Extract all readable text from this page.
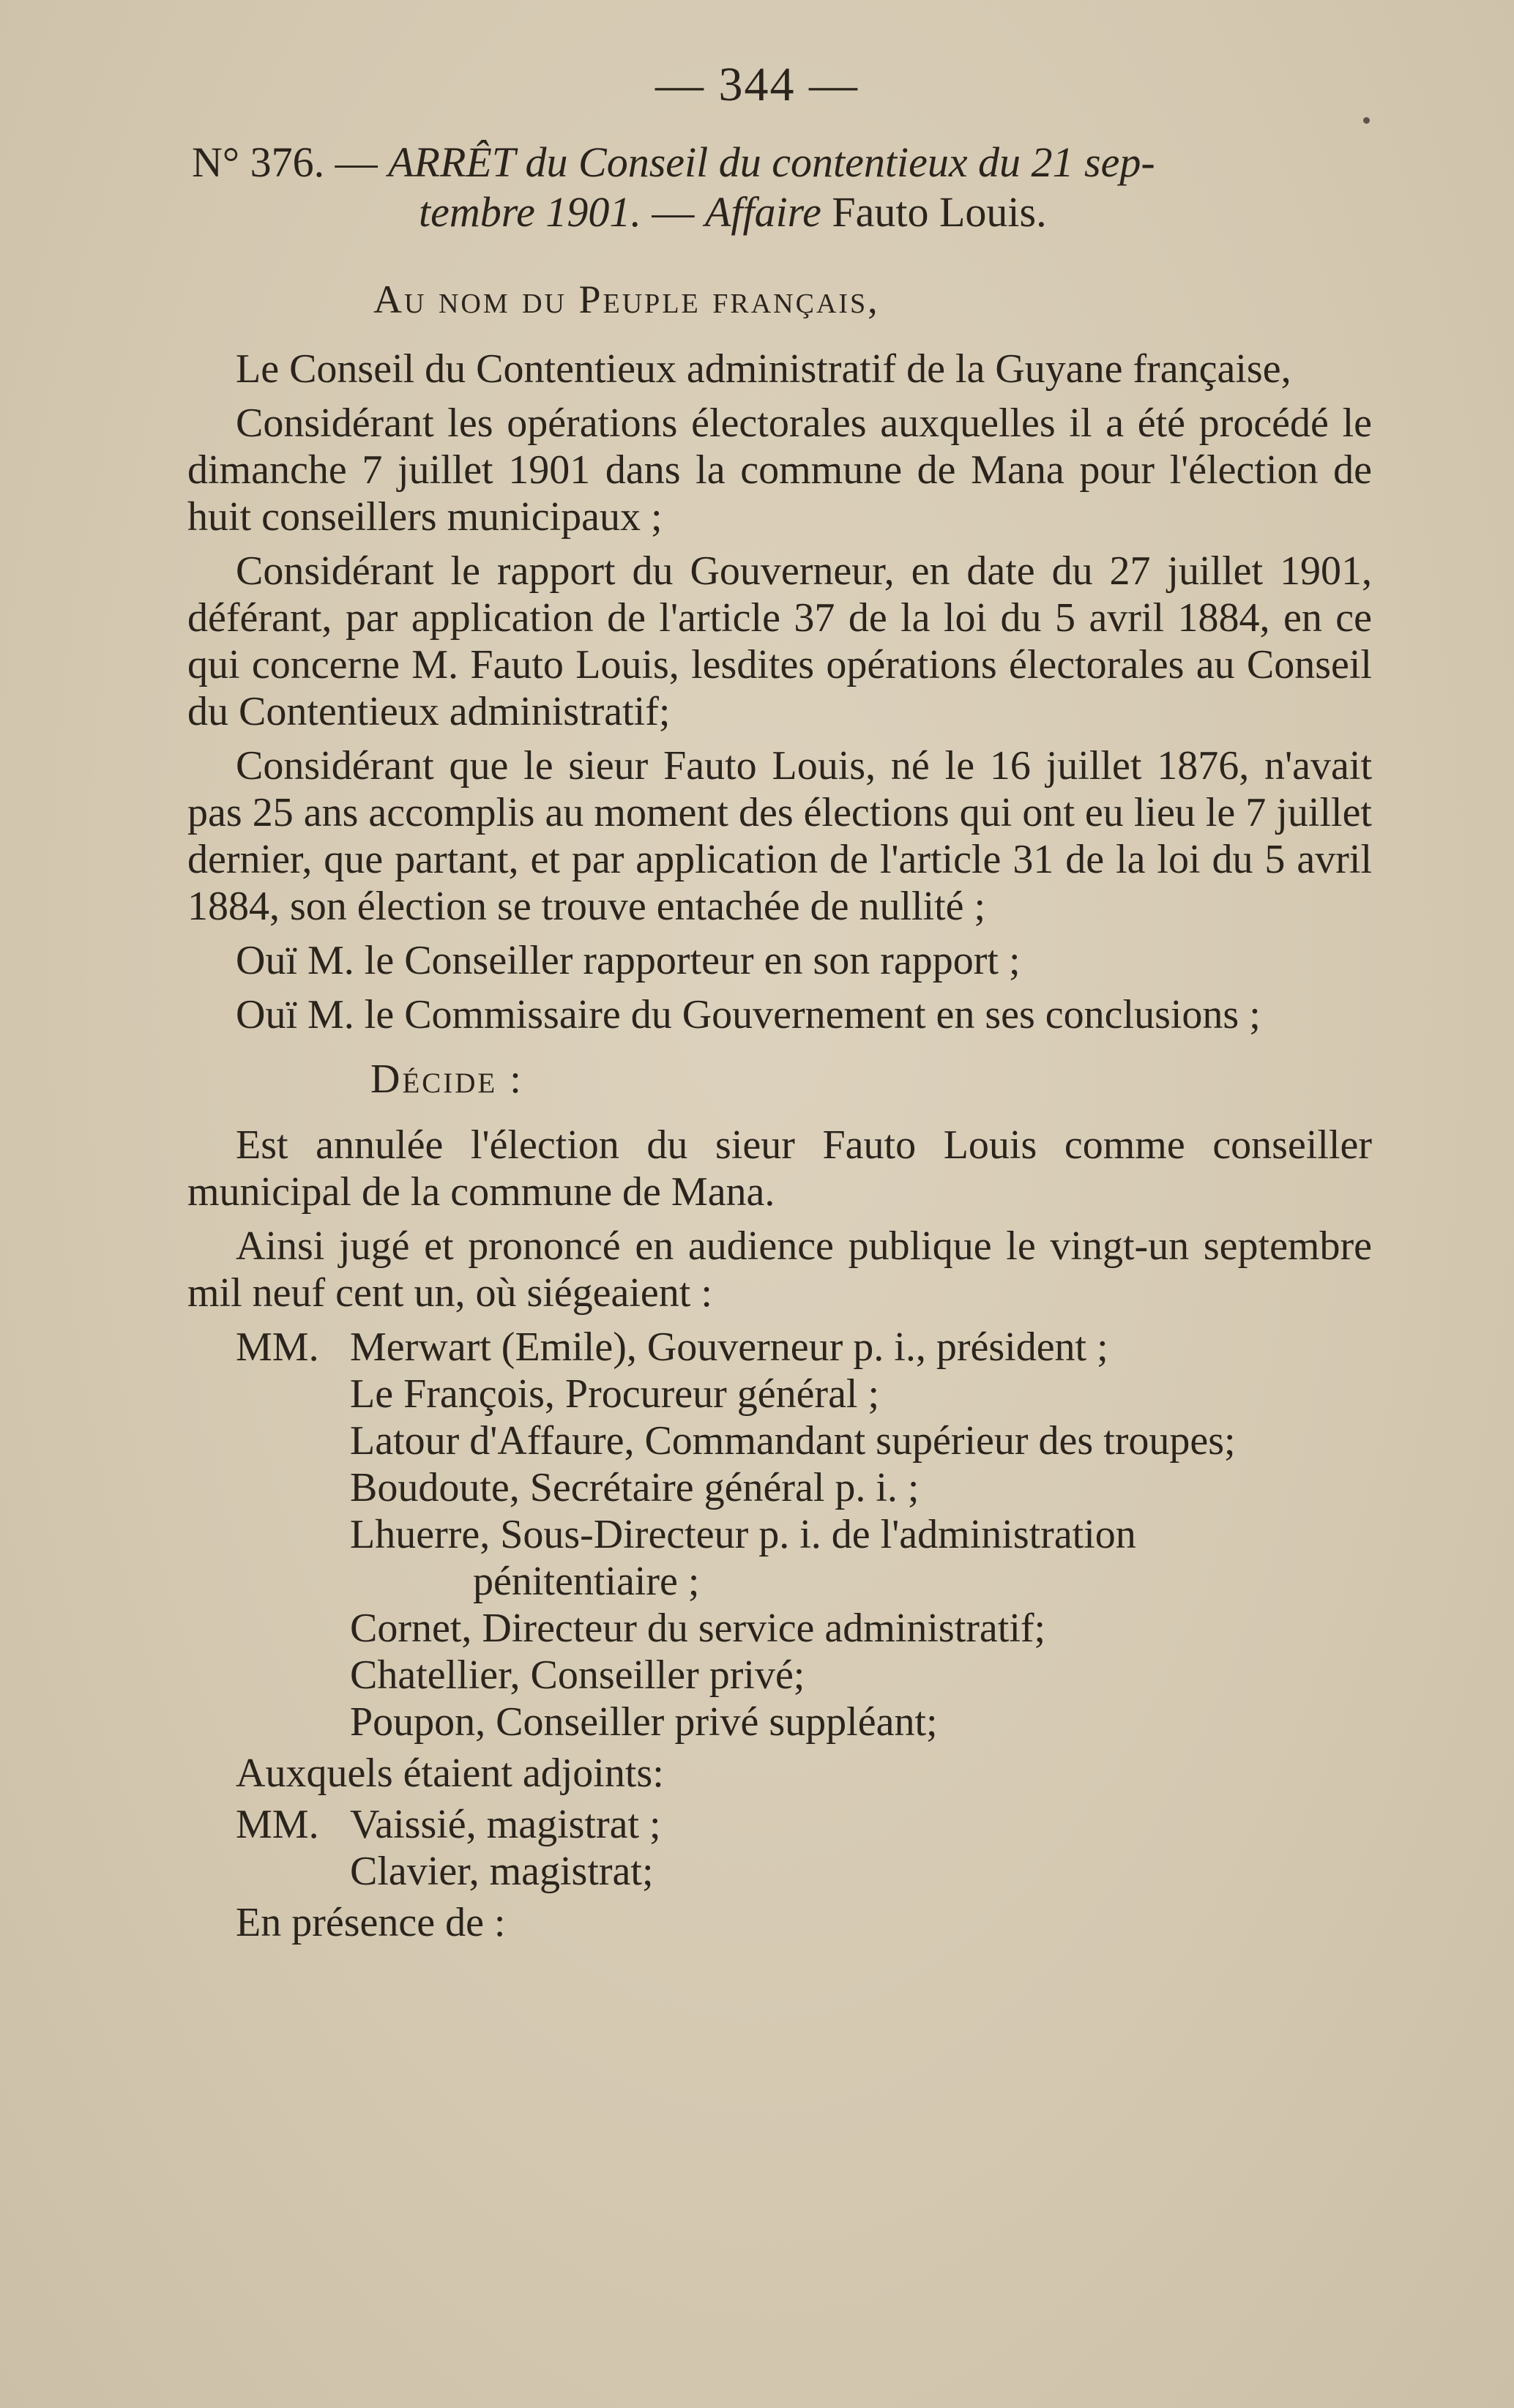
— 344 —
N° 376. — ARRÊT du Conseil du contentieux du 21 sep-
tembre 1901. — Affaire Fauto Louis.
Au nom du Peuple français,

Le Conseil du Contentieux administratif de la Guyane française,

Considérant les opérations électorales auxquelles il a été procédé le dimanche 7 juillet 1901 dans la commune de Mana pour l'élection de huit conseillers municipaux ;

Considérant le rapport du Gouverneur, en date du 27 juillet 1901, déférant, par application de l'article 37 de la loi du 5 avril 1884, en ce qui concerne M. Fauto Louis, lesdites opérations électorales au Conseil du Contentieux administratif;

Considérant que le sieur Fauto Louis, né le 16 juillet 1876, n'avait pas 25 ans accomplis au moment des élections qui ont eu lieu le 7 juillet dernier, que partant, et par application de l'article 31 de la loi du 5 avril 1884, son élection se trouve entachée de nullité ;

Ouï M. le Conseiller rapporteur en son rapport ;

Ouï M. le Commissaire du Gouvernement en ses conclusions ;

Décide :

Est annulée l'élection du sieur Fauto Louis comme conseiller municipal de la commune de Mana.

Ainsi jugé et prononcé en audience publique le vingt-un septembre mil neuf cent un, où siégeaient :

MM. Merwart (Emile), Gouverneur p. i., président ;
Le François, Procureur général ;
Latour d'Affaure, Commandant supérieur des troupes;
Boudoute, Secrétaire général p. i. ;
Lhuerre, Sous-Directeur p. i. de l'administration
pénitentiaire ;
Cornet, Directeur du service administratif;
Chatellier, Conseiller privé;
Poupon, Conseiller privé suppléant;
Auxquels étaient adjoints:
MM. Vaissié, magistrat ;
Clavier, magistrat;
En présence de :
